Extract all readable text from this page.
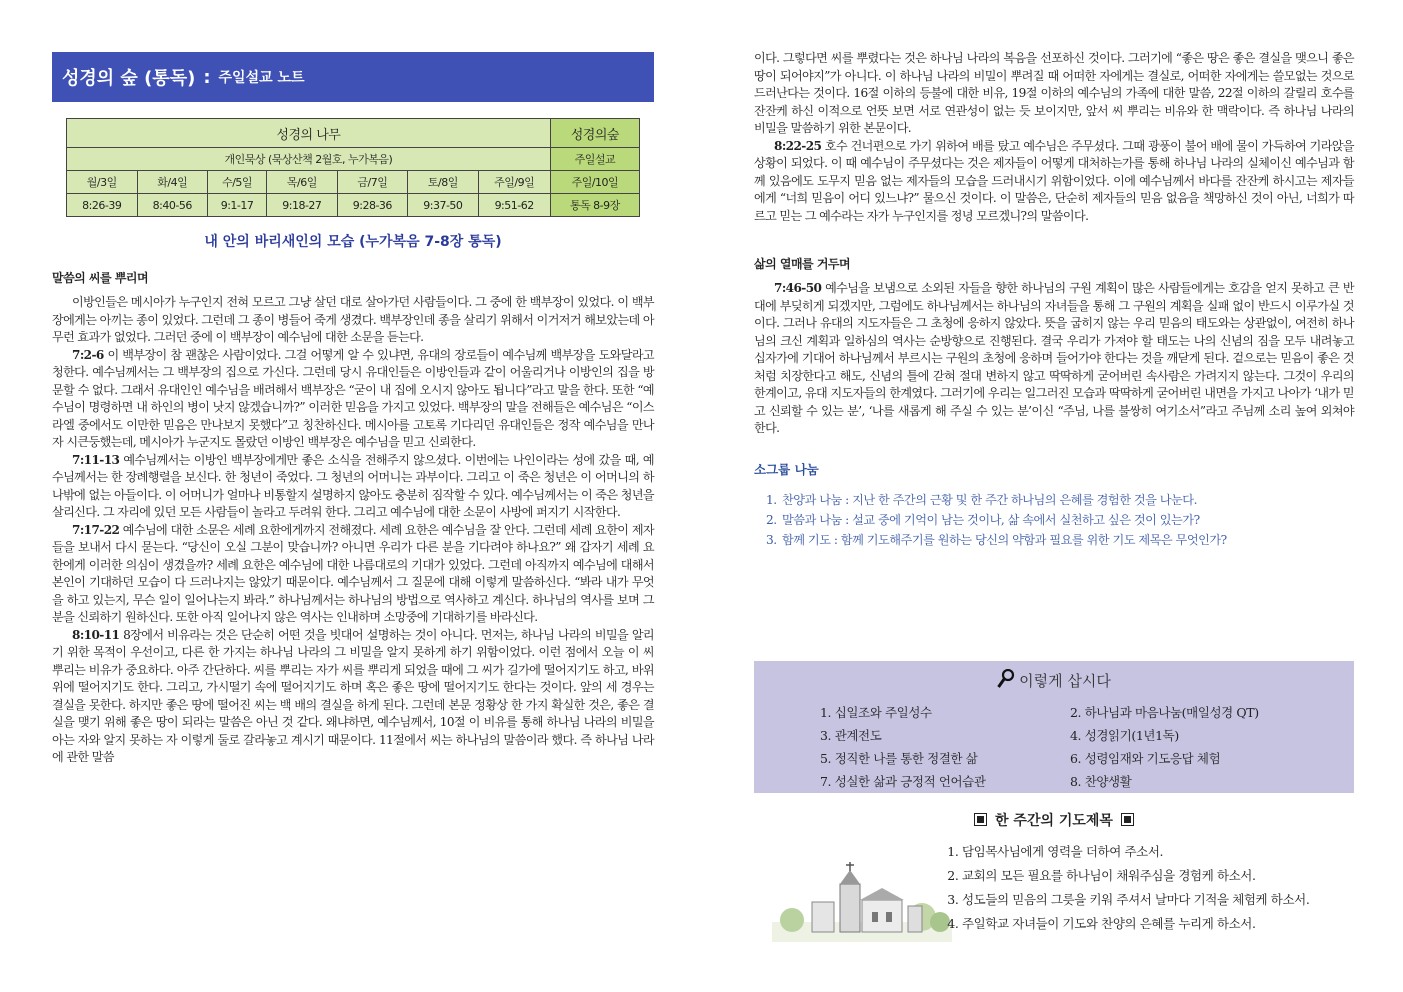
성경의 숲 (통독) : 주일설교 노트
성경의 나무							성경의숲
개인묵상 (묵상산책 2월호, 누가복음)							주일설교
월/3일	화/4일	수/5일	목/6일	금/7일	토/8일	주일/9일	주일/10일
8:26-39	8:40-56	9:1-17	9:18-27	9:28-36	9:37-50	9:51-62	통독 8-9장
내 안의 바리새인의 모습 (누가복음 7-8장 통독)
말씀의 씨를 뿌리며

이방인들은 메시아가 누구인지 전혀 모르고 그냥 살던 대로 살아가던 사람들이다. 그 중에 한 백부장이 있었다. 이 백부장에게는 아끼는 종이 있었다. 그런데 그 종이 병들어 죽게 생겼다. 백부장인데 종을 살리기 위해서 이거저거 해보았는데 아무런 효과가 없었다. 그러던 중에 이 백부장이 예수님에 대한 소문을 듣는다.

7:2-6 이 백부장이 참 괜찮은 사람이었다. 그걸 어떻게 알 수 있냐면, 유대의 장로들이 예수님께 백부장을 도와달라고 청한다. 예수님께서는 그 백부장의 집으로 가신다. 그런데 당시 유대인들은 이방인들과 같이 어울리거나 이방인의 집을 방문할 수 없다. 그래서 유대인인 예수님을 배려해서 백부장은 “굳이 내 집에 오시지 않아도 됩니다”라고 말을 한다. 또한 “예수님이 명령하면 내 하인의 병이 낫지 않겠습니까?” 이러한 믿음을 가지고 있었다. 백부장의 말을 전해들은 예수님은 “이스라엘 중에서도 이만한 믿음은 만나보지 못했다”고 칭찬하신다. 메시아를 고토록 기다리던 유대인들은 정작 예수님을 만나자 시큰둥했는데, 메시아가 누군지도 몰랐던 이방인 백부장은 예수님을 믿고 신뢰한다.

7:11-13 예수님께서는 이방인 백부장에게만 좋은 소식을 전해주지 않으셨다. 이번에는 나인이라는 성에 갔을 때, 예수님께서는 한 장례행렬을 보신다. 한 청년이 죽었다. 그 청년의 어머니는 과부이다. 그리고 이 죽은 청년은 이 어머니의 하나밖에 없는 아들이다. 이 어머니가 얼마나 비통할지 설명하지 않아도 충분히 짐작할 수 있다. 예수님께서는 이 죽은 청년을 살리신다. 그 자리에 있던 모든 사람들이 놀라고 두려워 한다. 그리고 예수님에 대한 소문이 사방에 퍼지기 시작한다.

7:17-22 예수님에 대한 소문은 세례 요한에게까지 전해졌다. 세례 요한은 예수님을 잘 안다. 그런데 세례 요한이 제자들을 보내서 다시 묻는다. “당신이 오실 그분이 맞습니까? 아니면 우리가 다른 분을 기다려야 하나요?” 왜 갑자기 세례 요한에게 이러한 의심이 생겼을까? 세례 요한은 예수님에 대한 나름대로의 기대가 있었다. 그런데 아직까지 예수님에 대해서 본인이 기대하던 모습이 다 드러나지는 않았기 때문이다. 예수님께서 그 질문에 대해 이렇게 말씀하신다. “봐라 내가 무엇을 하고 있는지, 무슨 일이 일어나는지 봐라.” 하나님께서는 하나님의 방법으로 역사하고 계신다. 하나님의 역사를 보며 그분을 신뢰하기 원하신다. 또한 아직 일어나지 않은 역사는 인내하며 소망중에 기대하기를 바라신다.

8:10-11 8장에서 비유라는 것은 단순히 어떤 것을 빗대어 설명하는 것이 아니다. 먼저는, 하나님 나라의 비밀을 알리기 위한 목적이 우선이고, 다른 한 가지는 하나님 나라의 그 비밀을 알지 못하게 하기 위함이었다. 이런 점에서 오늘 이 씨 뿌리는 비유가 중요하다. 아주 간단하다. 씨를 뿌리는 자가 씨를 뿌리게 되었을 때에 그 씨가 길가에 떨어지기도 하고, 바위 위에 떨어지기도 한다. 그리고, 가시떨기 속에 떨어지기도 하며 혹은 좋은 땅에 떨어지기도 한다는 것이다. 앞의 세 경우는 결실을 못한다. 하지만 좋은 땅에 떨어진 씨는 백 배의 결실을 하게 된다. 그런데 본문 정황상 한 가지 확실한 것은, 좋은 결실을 맺기 위해 좋은 땅이 되라는 말씀은 아닌 것 같다. 왜냐하면, 예수님께서, 10절 이 비유를 통해 하나님 나라의 비밀을 아는 자와 알지 못하는 자 이렇게 둘로 갈라놓고 계시기 때문이다. 11절에서 씨는 하나님의 말씀이라 했다. 즉 하나님 나라에 관한 말씀

이다. 그렇다면 씨를 뿌렸다는 것은 하나님 나라의 복음을 선포하신 것이다. 그러기에 “좋은 땅은 좋은 결실을 맺으니 좋은 땅이 되어야지”가 아니다. 이 하나님 나라의 비밀이 뿌려질 때 어떠한 자에게는 결실로, 어떠한 자에게는 쓸모없는 것으로 드러난다는 것이다. 16절 이하의 등불에 대한 비유, 19절 이하의 예수님의 가족에 대한 말씀, 22절 이하의 갈릴리 호수를 잔잔케 하신 이적으로 언뜻 보면 서로 연관성이 없는 듯 보이지만, 앞서 씨 뿌리는 비유와 한 맥락이다. 즉 하나님 나라의 비밀을 말씀하기 위한 본문이다.

8:22-25 호수 건너편으로 가기 위하여 배를 탔고 예수님은 주무셨다. 그때 광풍이 불어 배에 물이 가득하여 기라앉을 상황이 되었다. 이 때 예수님이 주무셨다는 것은 제자들이 어떻게 대처하는가를 통해 하나님 나라의 실체이신 예수님과 함께 있음에도 도무지 믿음 없는 제자들의 모습을 드러내시기 위함이었다. 이에 예수님께서 바다를 잔잔케 하시고는 제자들에게 “너희 믿음이 어디 있느냐?” 물으신 것이다. 이 말씀은, 단순히 제자들의 믿음 없음을 책망하신 것이 아닌, 너희가 따르고 믿는 그 예수라는 자가 누구인지를 정녕 모르겠니?의 말씀이다.

삶의 열매를 거두며

7:46-50 예수님을 보냄으로 소외된 자들을 향한 하나님의 구원 계획이 많은 사람들에게는 호감을 얻지 못하고 큰 반대에 부딪히게 되겠지만, 그럼에도 하나님께서는 하나님의 자녀들을 통해 그 구원의 계획을 실패 없이 반드시 이루가실 것이다. 그러나 유대의 지도자들은 그 초청에 응하지 않았다. 뜻을 굽히지 않는 우리 믿음의 태도와는 상관없이, 여전히 하나님의 크신 계획과 일하심의 역사는 순방향으로 진행된다. 결국 우리가 가져야 할 태도는 나의 신념의 짐을 모두 내려놓고 십자가에 기대어 하나님께서 부르시는 구원의 초청에 응하며 들어가야 한다는 것을 깨닫게 된다. 겉으로는 믿음이 좋은 것처럼 치장한다고 해도, 신념의 틀에 갇혀 절대 변하지 않고 딱딱하게 굳어버린 속사람은 가려지지 않는다. 그것이 우리의 한계이고, 유대 지도자들의 한계였다. 그러기에 우리는 일그러진 모습과 딱딱하게 굳어버린 내면을 가지고 나아가 ‘내가 믿고 신뢰할 수 있는 분’, ‘나를 새롭게 해 주실 수 있는 분’이신 “주님, 나를 불쌍히 여기소서”라고 주님께 소리 높여 외쳐야 한다.

소그룹 나눔
1. 찬양과 나눔 : 지난 한 주간의 근황 및 한 주간 하나님의 은혜를 경험한 것을 나눈다.
2. 말씀과 나눔 : 설교 중에 기억이 남는 것이나, 삶 속에서 실천하고 싶은 것이 있는가?
3. 함께 기도 : 함께 기도해주기를 원하는 당신의 약함과 필요를 위한 기도 제목은 무엇인가?
이렇게 삽시다
1. 십일조와 주일성수	2. 하나님과 마음나눔(매일성경 QT)
3. 관계전도	4. 성경읽기(1년1독)
5. 정직한 나를 통한 정결한 삶	6. 성령임재와 기도응답 체험
7. 성실한 삶과 긍정적 언어습관	8. 찬양생활
한 주간의 기도제목
1. 담임목사님에게 영력을 더하여 주소서.
2. 교회의 모든 필요를 하나님이 채워주심을 경험케 하소서.
3. 성도들의 믿음의 그릇을 키워 주셔서 날마다 기적을 체험케 하소서.
4. 주일학교 자녀들이 기도와 찬양의 은혜를 누리게 하소서.
